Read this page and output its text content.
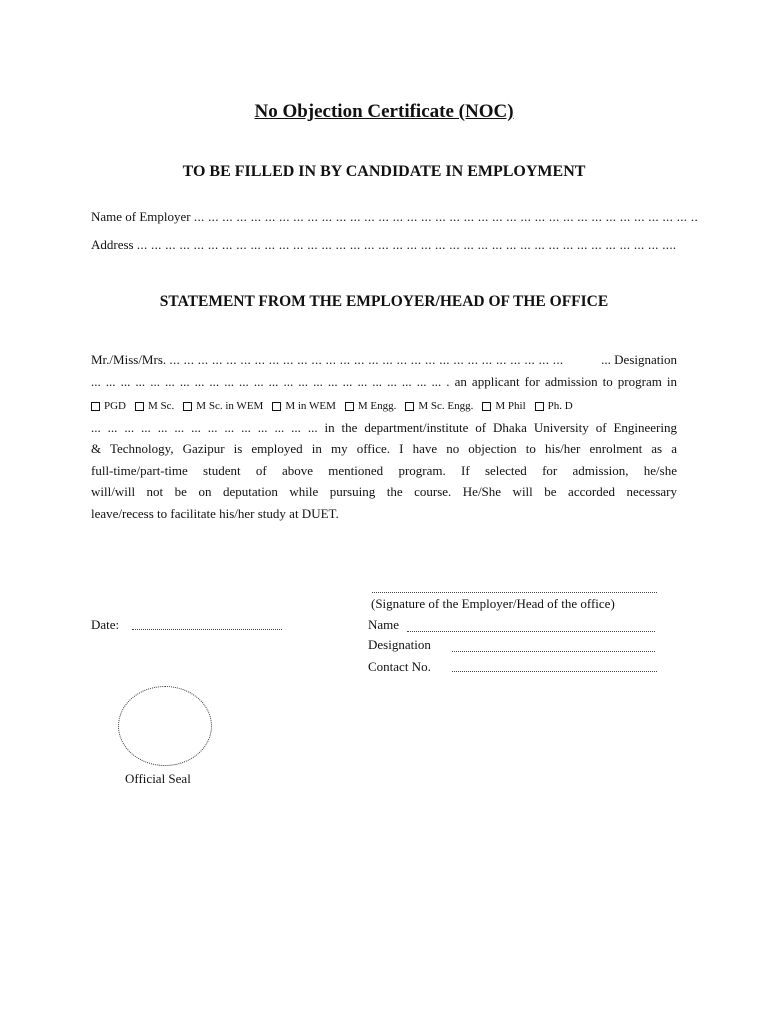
No Objection Certificate (NOC)
TO BE FILLED IN BY CANDIDATE IN EMPLOYMENT
Name of Employer ... ... ... ... ... ... ... ... ... ... ... ... ... ... ... ... ... ... ... ... ... ... ... ... ... ... ... ... ... ... ... ... ... ... ... ..
Address ... ... ... ... ... ... ... ... ... ... ... ... ... ... ... ... ... ... ... ... ... ... ... ... ... ... ... ... ... ... ... ... ... ... ... ... ... ....
STATEMENT FROM THE EMPLOYER/HEAD OF THE OFFICE
Mr./Miss/Mrs. ... ... ... ... ... ... ... ... ... ... ... ... ... ... ... ... ... ... ... ... ... ... ... ... ... ... ... ...	... Designation
... ... ... ... ... ... ... ... ... ... ... ... ... ... ... ... ... ... ... ... ... ... ... ... . an applicant for admission to program in
PGD M Sc. M Sc. in WEM M in WEM M Engg. M Sc. Engg. M Phil Ph. D
... ... ... ... ... ... ... ... ... ... ... ... ... ... in the department/institute of Dhaka University of Engineering
& Technology, Gazipur is employed in my office. I have no objection to his/her enrolment as a
full-time/part-time student of above mentioned program. If selected for admission, he/she
will/will not be on deputation while pursuing the course. He/She will be accorded necessary
leave/recess to facilitate his/her study at DUET.
(Signature of the Employer/Head of the office)
Date:	Name
Designation
Contact No.
Official Seal
